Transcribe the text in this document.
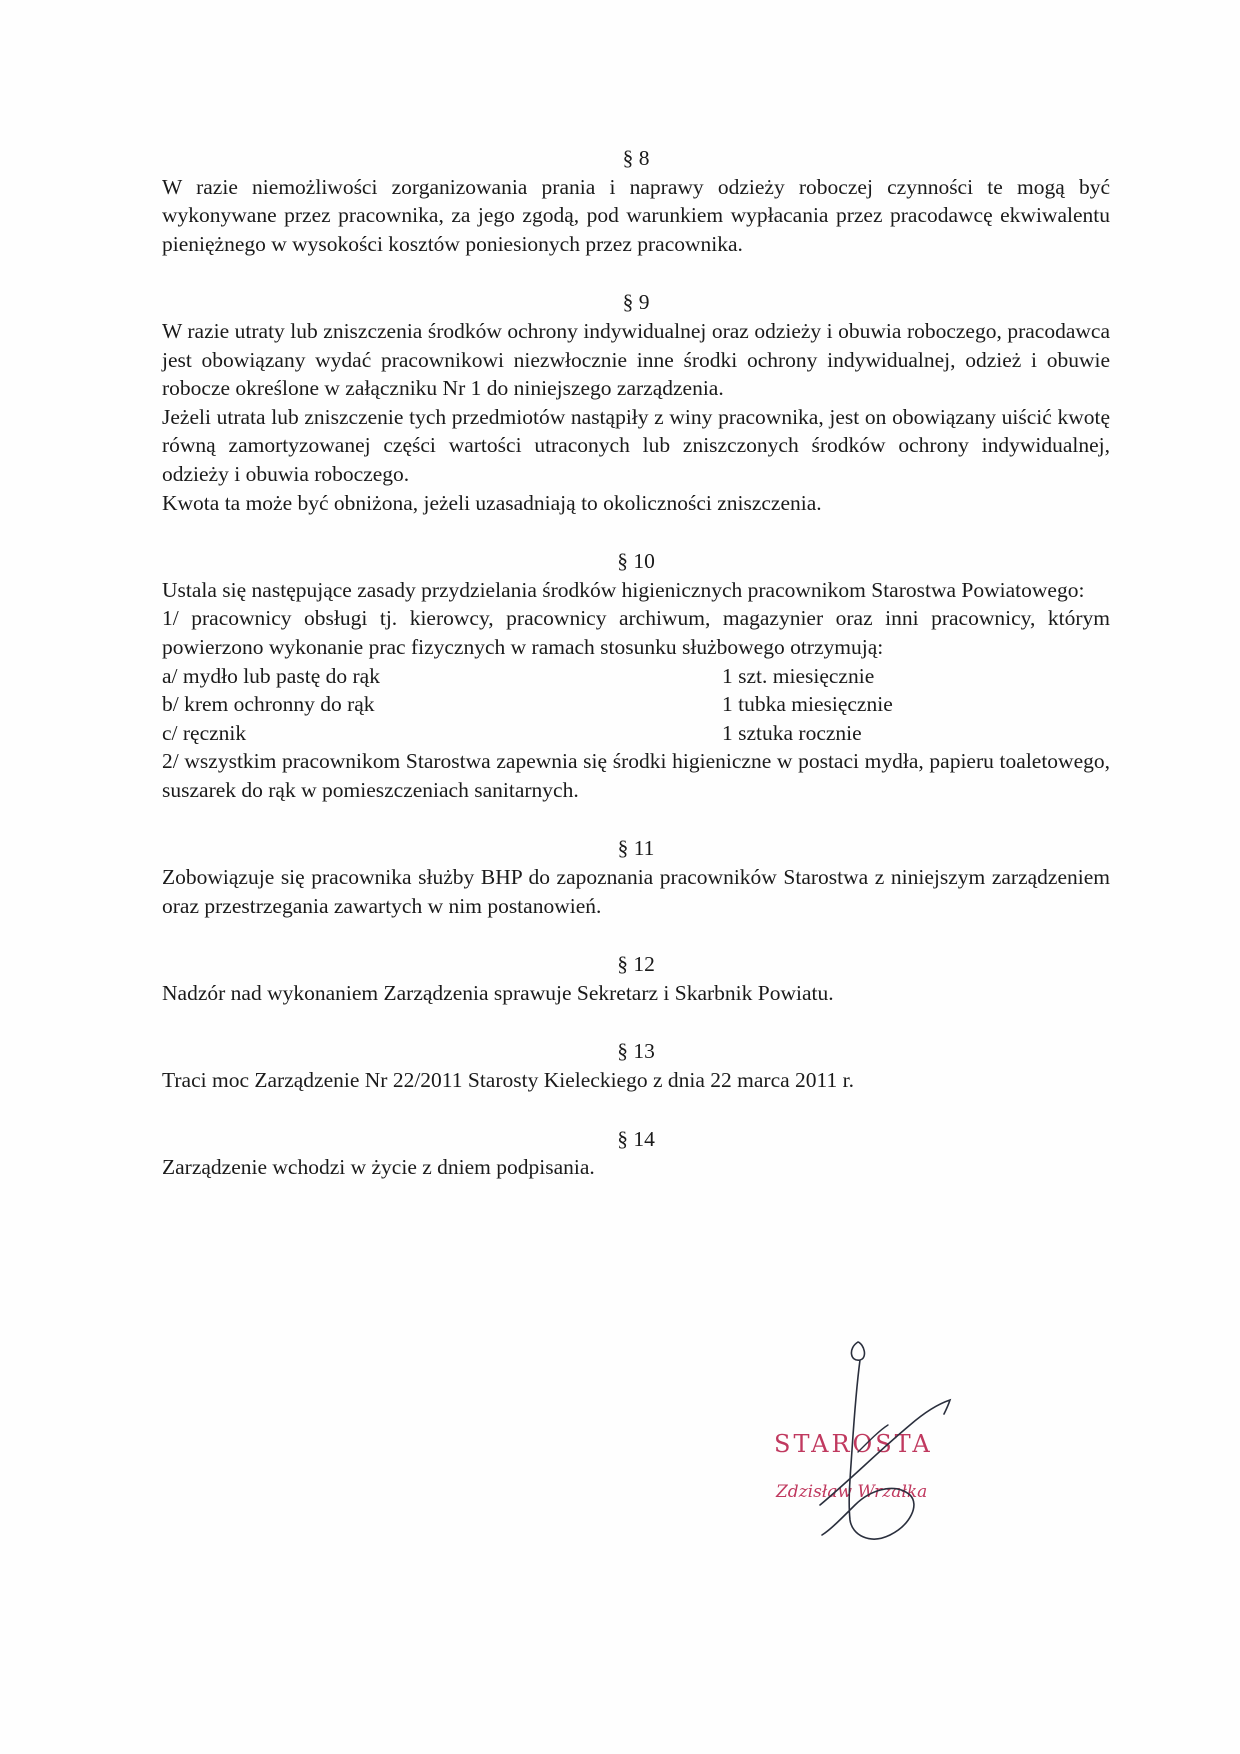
§ 8

W razie niemożliwości zorganizowania prania i naprawy odzieży roboczej czynności te mogą być wykonywane przez pracownika, za jego zgodą, pod warunkiem wypłacania przez pracodawcę ekwiwalentu pieniężnego w wysokości kosztów poniesionych przez pracownika.

§ 9

W razie utraty lub zniszczenia środków ochrony indywidualnej oraz odzieży i obuwia roboczego, pracodawca jest obowiązany wydać pracownikowi niezwłocznie inne środki ochrony indywidualnej, odzież i obuwie robocze określone w załączniku Nr 1 do niniejszego zarządzenia.

Jeżeli utrata lub zniszczenie tych przedmiotów nastąpiły z winy pracownika, jest on obowiązany uiścić kwotę równą zamortyzowanej części wartości utraconych lub zniszczonych środków ochrony indywidualnej, odzieży i obuwia roboczego.

Kwota ta może być obniżona, jeżeli uzasadniają to okoliczności zniszczenia.

§ 10

Ustala się następujące zasady przydzielania środków higienicznych pracownikom Starostwa Powiatowego:

1/ pracownicy obsługi tj. kierowcy, pracownicy archiwum, magazynier oraz inni pracownicy, którym powierzono wykonanie prac fizycznych w ramach stosunku służbowego otrzymują:

a/ mydło lub pastę do rąk	1 szt. miesięcznie
b/ krem ochronny do rąk	1 tubka miesięcznie
c/ ręcznik	1 sztuka rocznie

2/ wszystkim pracownikom Starostwa zapewnia się środki higieniczne w postaci mydła, papieru toaletowego, suszarek do rąk w pomieszczeniach sanitarnych.

§ 11

Zobowiązuje się pracownika służby BHP do zapoznania pracowników Starostwa z niniejszym zarządzeniem oraz przestrzegania zawartych w nim postanowień.

§ 12

Nadzór nad wykonaniem Zarządzenia sprawuje Sekretarz i Skarbnik Powiatu.

§ 13

Traci moc Zarządzenie Nr 22/2011 Starosty Kieleckiego z dnia 22 marca 2011 r.

§ 14

Zarządzenie wchodzi w życie z dniem podpisania.

STAROSTA
Zdzisław Wrzałka
